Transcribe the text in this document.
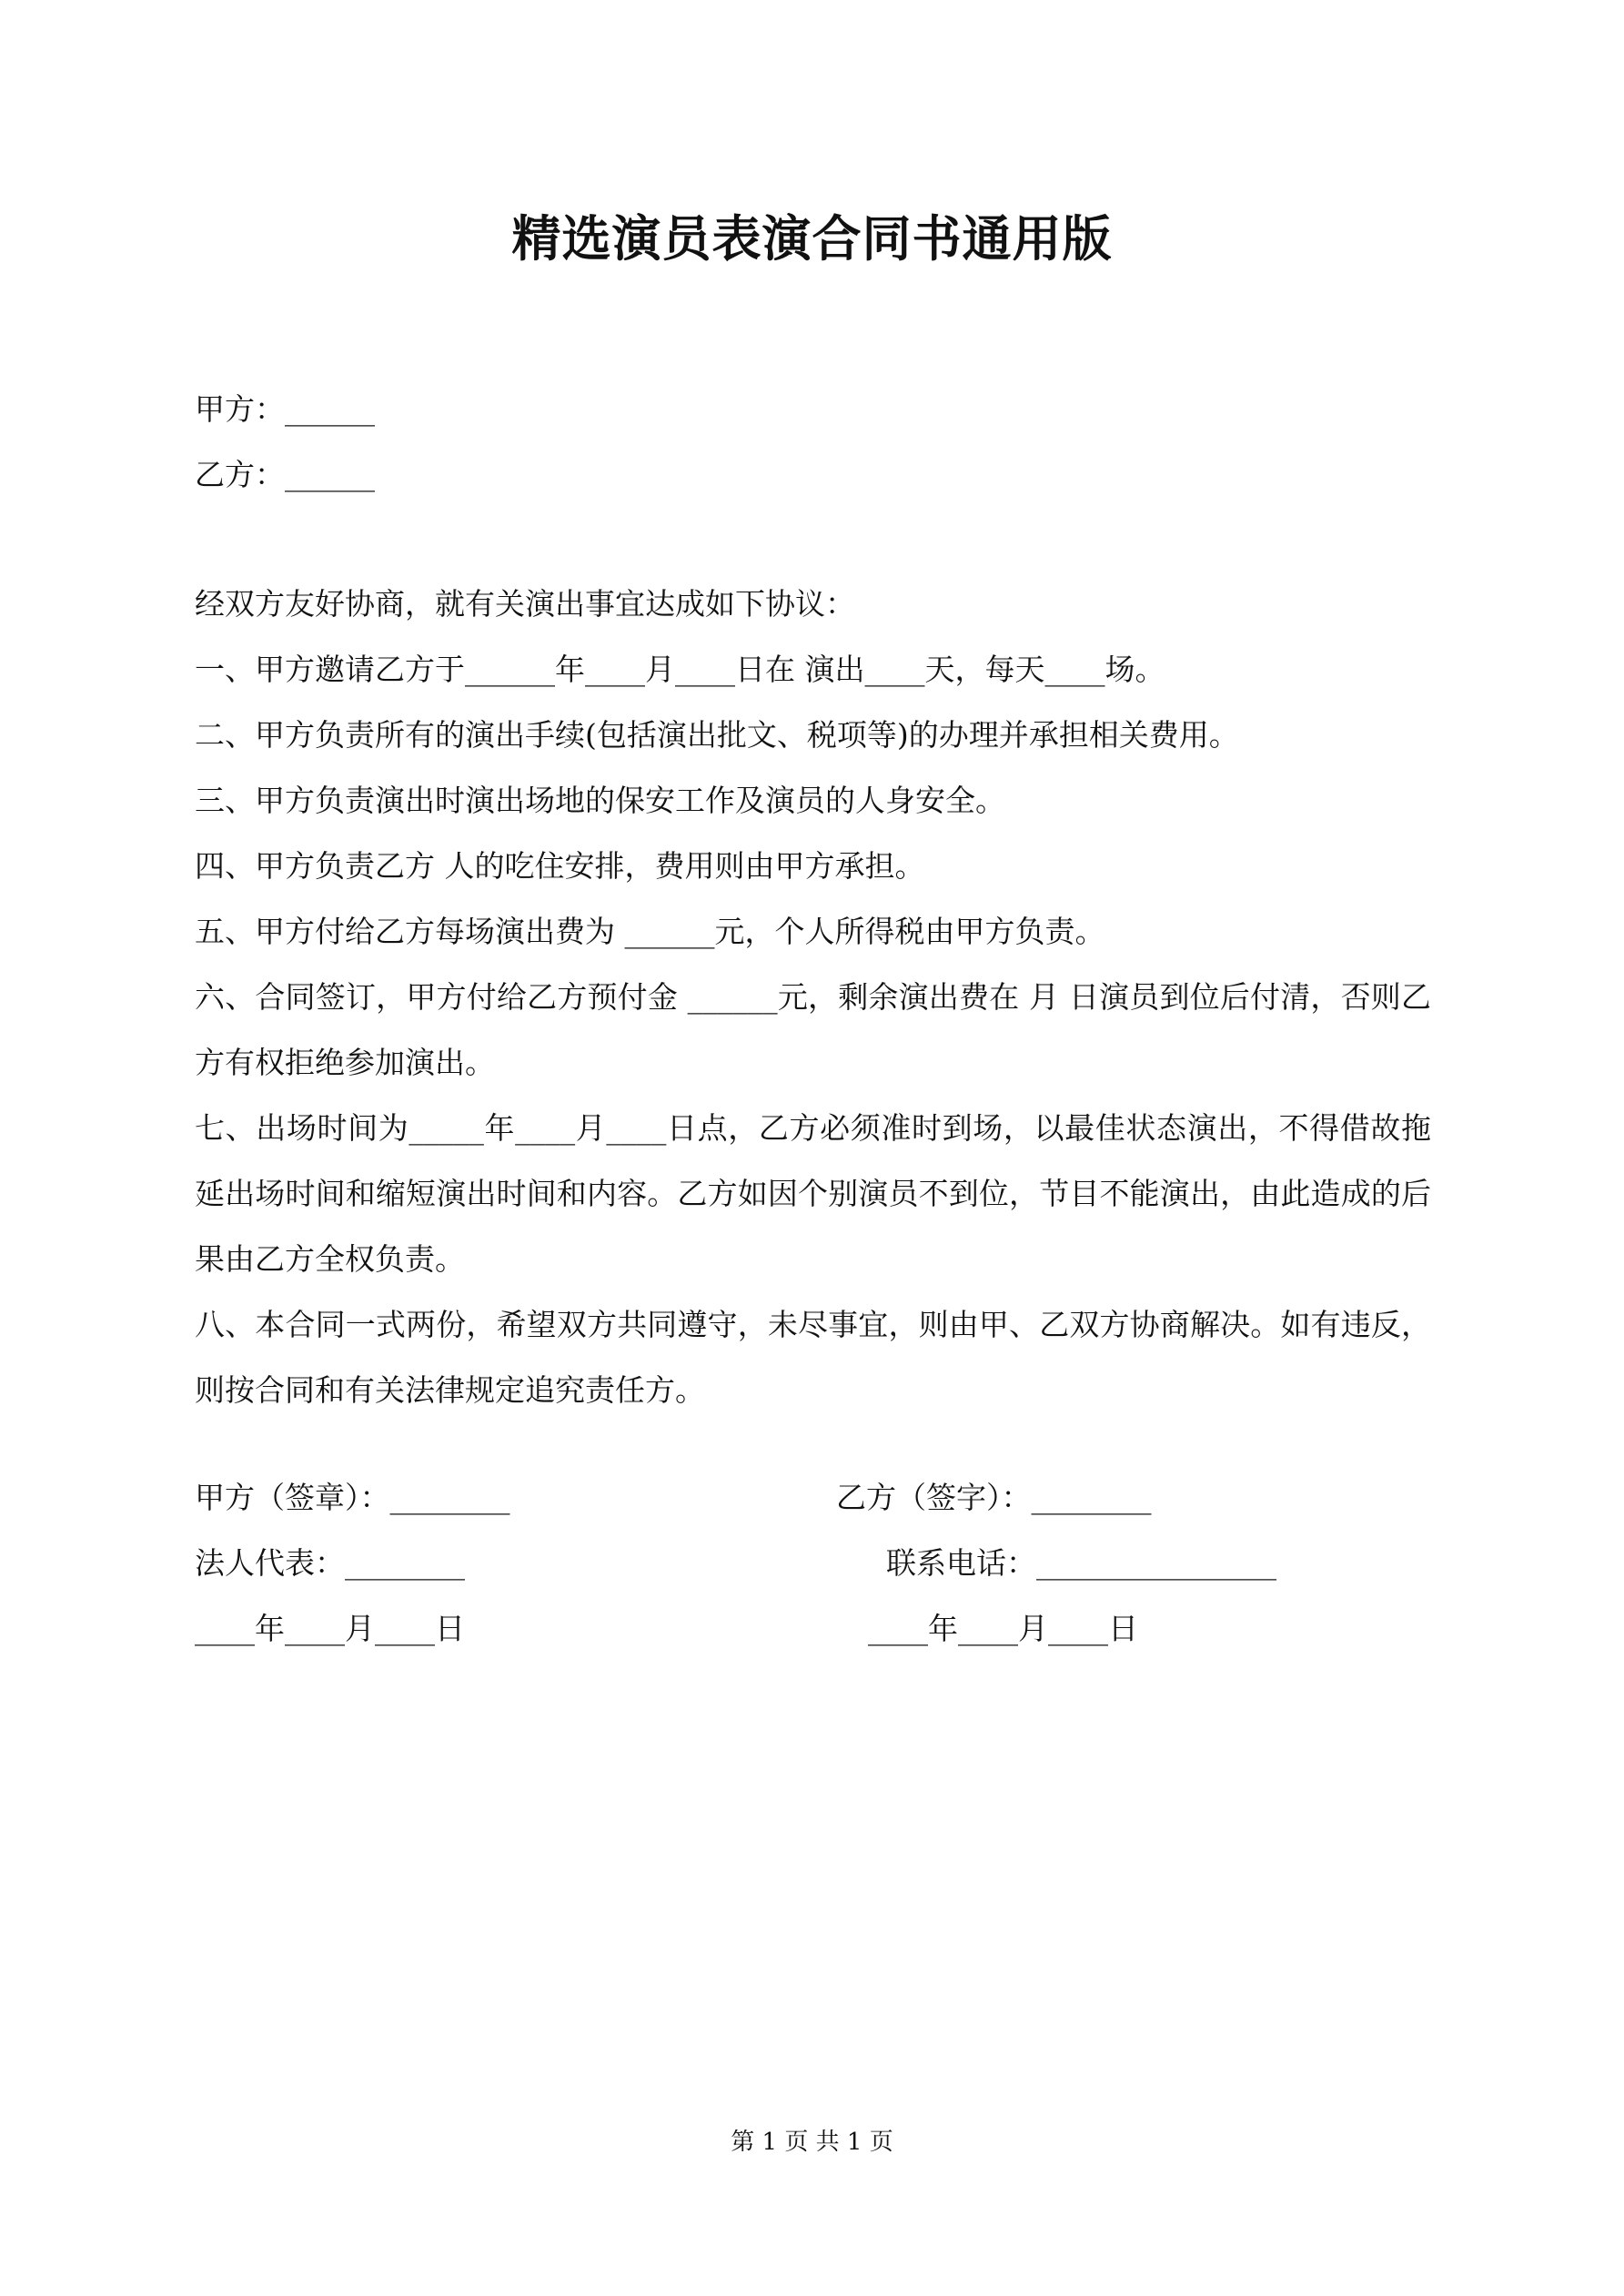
精选演员表演合同书通用版

甲方：______

乙方：______

经双方友好协商，就有关演出事宜达成如下协议：

一、甲方邀请乙方于______年____月____日在 演出____天，每天____场。

二、甲方负责所有的演出手续(包括演出批文、税项等)的办理并承担相关费用。

三、甲方负责演出时演出场地的保安工作及演员的人身安全。

四、甲方负责乙方 人的吃住安排，费用则由甲方承担。

五、甲方付给乙方每场演出费为 ______元，个人所得税由甲方负责。

六、合同签订，甲方付给乙方预付金 ______元，剩余演出费在 月 日演员到位后付清，否则乙方有权拒绝参加演出。

七、出场时间为_____年____月____日点，乙方必须准时到场，以最佳状态演出，不得借故拖延出场时间和缩短演出时间和内容。乙方如因个别演员不到位，节目不能演出，由此造成的后果由乙方全权负责。

八、本合同一式两份，希望双方共同遵守，未尽事宜，则由甲、乙双方协商解决。如有违反，则按合同和有关法律规定追究责任方。

甲方（签章）：________	乙方（签字）：________
法人代表：________	联系电话：________________
____年____月____日	____年____月____日
第 1 页 共 1 页
